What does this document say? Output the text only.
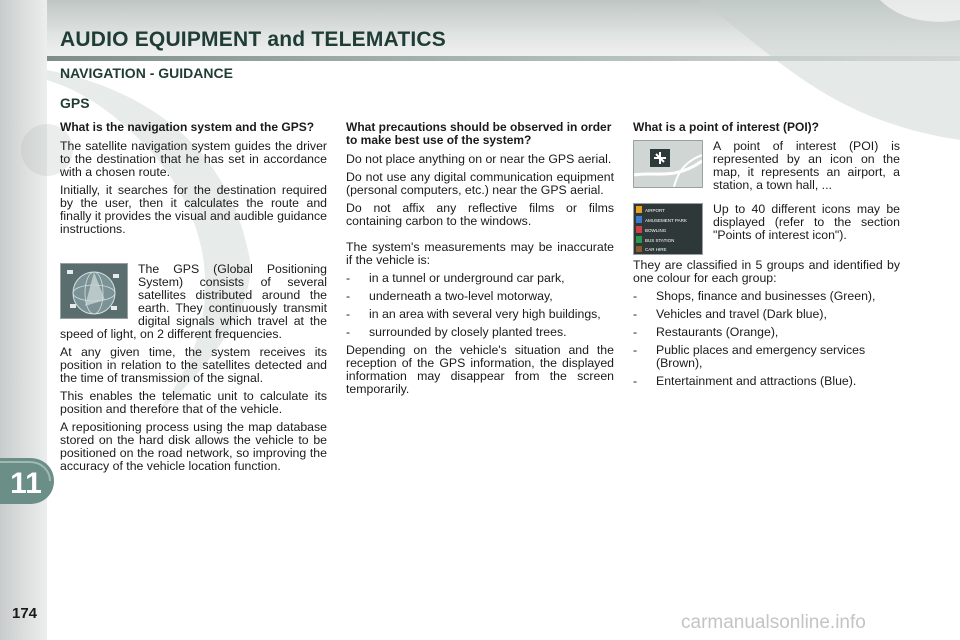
AUDIO EQUIPMENT and TELEMATICS
NAVIGATION - GUIDANCE
GPS
What is the navigation system and the GPS?

The satellite navigation system guides the driver to the destination that he has set in accordance with a chosen route.

Initially, it searches for the destination required by the user, then it calculates the route and finally it provides the visual and audible guidance instructions.

The GPS (Global Positioning System) consists of several satellites distributed around the earth. They continuously transmit digital signals which travel at the speed of light, on 2 different frequencies.

At any given time, the system receives its position in relation to the satellites detected and the time of transmission of the signal.

This enables the telematic unit to calculate its position and therefore that of the vehicle.

A repositioning process using the map database stored on the hard disk allows the vehicle to be positioned on the road network, so improving the accuracy of the vehicle location function.

What precautions should be observed in order to make best use of the system?

Do not place anything on or near the GPS aerial.

Do not use any digital communication equipment (personal computers, etc.) near the GPS aerial.

Do not affix any reflective films or films containing carbon to the windows.

The system's measurements may be inaccurate if the vehicle is:

- in a tunnel or underground car park,
- underneath a two-level motorway,
- in an area with several very high buildings,
- surrounded by closely planted trees.

Depending on the vehicle's situation and the reception of the GPS information, the displayed information may disappear from the screen temporarily.

What is a point of interest (POI)?

A point of interest (POI) is represented by an icon on the map, it represents an airport, a station, a town hall, ...

AIRPORT
AMUSEMENT PARK
BOWLING
BUS STATION
CAR HIRE

Up to 40 different icons may be displayed (refer to the section "Points of interest icon").

They are classified in 5 groups and identified by one colour for each group:

- Shops, finance and businesses (Green),
- Vehicles and travel (Dark blue),
- Restaurants (Orange),
- Public places and emergency services (Brown),
- Entertainment and attractions (Blue).
11
174	carmanualsonline.info
